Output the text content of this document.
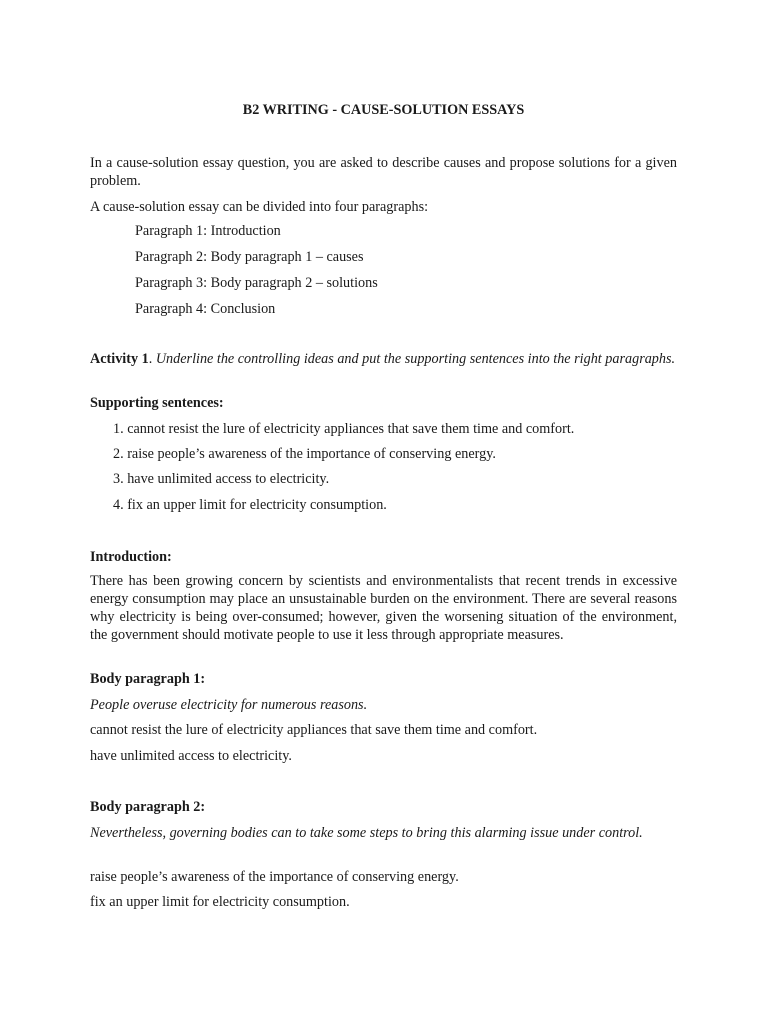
B2 WRITING - CAUSE-SOLUTION ESSAYS
In a cause-solution essay question, you are asked to describe causes and propose solutions for a given problem.
A cause-solution essay can be divided into four paragraphs:
Paragraph 1: Introduction
Paragraph 2: Body paragraph 1 – causes
Paragraph 3: Body paragraph 2 – solutions
Paragraph 4: Conclusion
Activity 1. Underline the controlling ideas and put the supporting sentences into the right paragraphs.
Supporting sentences:
1. cannot resist the lure of electricity appliances that save them time and comfort.
2. raise people’s awareness of the importance of conserving energy.
3. have unlimited access to electricity.
4. fix an upper limit for electricity consumption.
Introduction:
There has been growing concern by scientists and environmentalists that recent trends in excessive energy consumption may place an unsustainable burden on the environment. There are several reasons why electricity is being over-consumed; however, given the worsening situation of the environment, the government should motivate people to use it less through appropriate measures.
Body paragraph 1:
People overuse electricity for numerous reasons.
cannot resist the lure of electricity appliances that save them time and comfort.
have unlimited access to electricity.
Body paragraph 2:
Nevertheless, governing bodies can to take some steps to bring this alarming issue under control.
raise people’s awareness of the importance of conserving energy.
fix an upper limit for electricity consumption.
